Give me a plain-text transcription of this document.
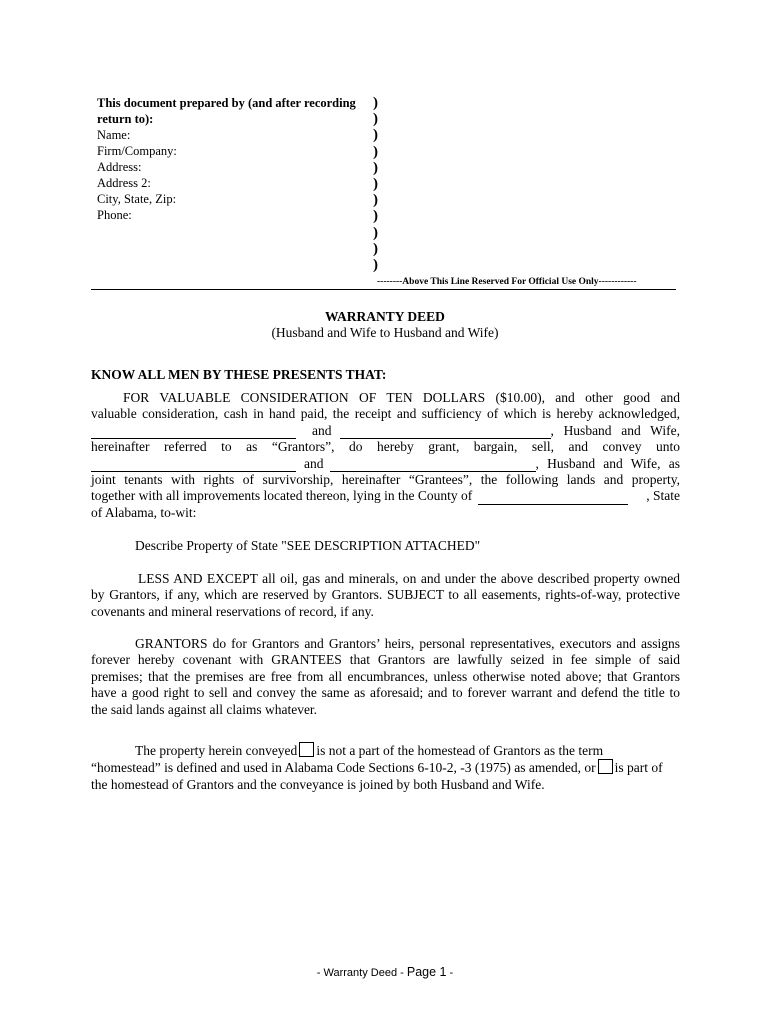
This document prepared by (and after recording
return to):
Name:
Firm/Company:
Address:
Address 2:
City, State, Zip:
Phone:
)
)
)
)
)
)
)
)
)
)
)
--------Above This Line Reserved For Official Use Only------------
WARRANTY DEED
(Husband and Wife to Husband and Wife)
KNOW ALL MEN BY THESE PRESENTS THAT:
FOR VALUABLE CONSIDERATION OF TEN DOLLARS ($10.00), and other good and
valuable consideration, cash in hand paid, the receipt and sufficiency of which is hereby acknowledged,
and	, Husband and Wife,
hereinafter referred to as “Grantors”, do hereby grant, bargain, sell, and convey unto
and	, Husband and Wife, as
joint tenants with rights of survivorship, hereinafter “Grantees”, the following lands and property,
together with all improvements located thereon, lying in the County of	, State
of Alabama, to-wit:
Describe Property of State "SEE DESCRIPTION ATTACHED"
LESS AND EXCEPT all oil, gas and minerals, on and under the above described property owned
by Grantors, if any, which are reserved by Grantors. SUBJECT to all easements, rights-of-way, protective
covenants and mineral reservations of record, if any.
GRANTORS do for Grantors and Grantors’ heirs, personal representatives, executors and assigns
forever hereby covenant with GRANTEES that Grantors are lawfully seized in fee simple of said
premises; that the premises are free from all encumbrances, unless otherwise noted above; that Grantors
have a good right to sell and convey the same as aforesaid; and to forever warrant and defend the title to
the said lands against all claims whatever.
The property herein conveyed is not a part of the homestead of Grantors as the term
“homestead” is defined and used in Alabama Code Sections 6-10-2, -3 (1975) as amended, or is part of
the homestead of Grantors and the conveyance is joined by both Husband and Wife.
- Warranty Deed - Page 1 -
